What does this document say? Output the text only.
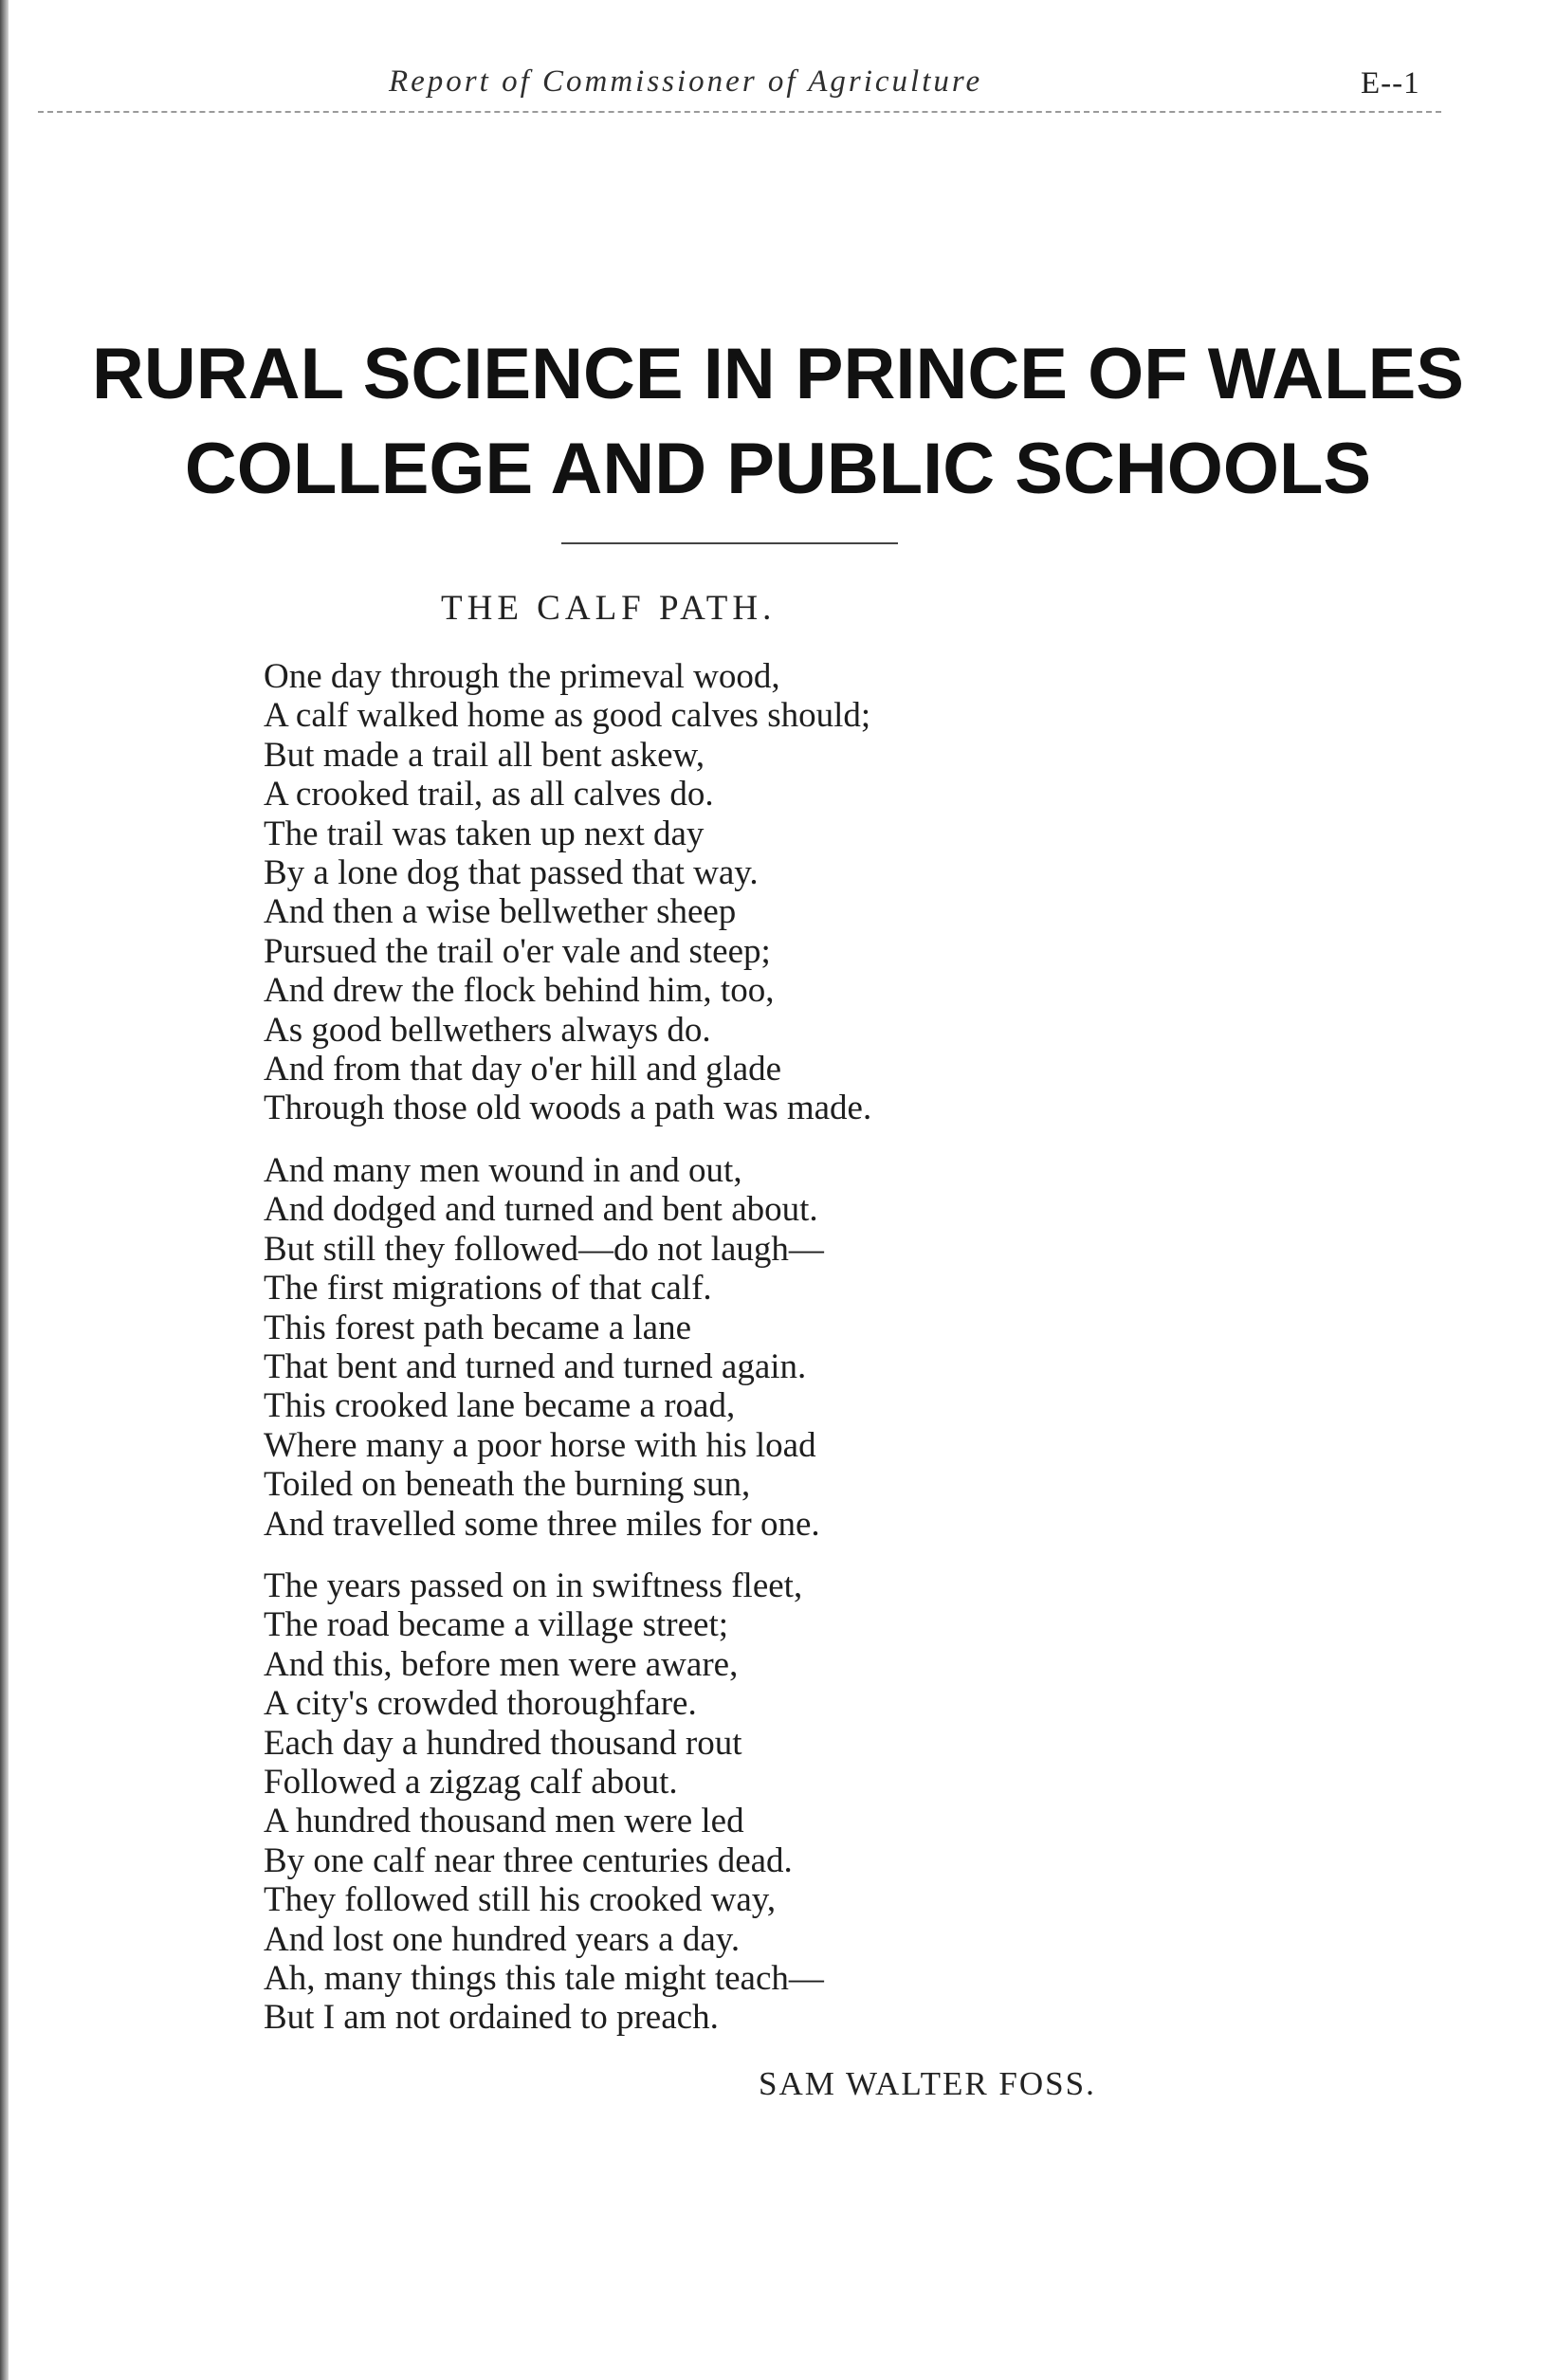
Report of Commissioner of Agriculture	E--1
RURAL SCIENCE IN PRINCE OF WALES
COLLEGE AND PUBLIC SCHOOLS
THE CALF PATH.
One day through the primeval wood,
A calf walked home as good calves should;
But made a trail all bent askew,
A crooked trail, as all calves do.
The trail was taken up next day
By a lone dog that passed that way.
And then a wise bellwether sheep
Pursued the trail o'er vale and steep;
And drew the flock behind him, too,
As good bellwethers always do.
And from that day o'er hill and glade
Through those old woods a path was made.
And many men wound in and out,
And dodged and turned and bent about.
But still they followed—do not laugh—
The first migrations of that calf.
This forest path became a lane
That bent and turned and turned again.
This crooked lane became a road,
Where many a poor horse with his load
Toiled on beneath the burning sun,
And travelled some three miles for one.
The years passed on in swiftness fleet,
The road became a village street;
And this, before men were aware,
A city's crowded thoroughfare.
Each day a hundred thousand rout
Followed a zigzag calf about.
A hundred thousand men were led
By one calf near three centuries dead.
They followed still his crooked way,
And lost one hundred years a day.
Ah, many things this tale might teach—
But I am not ordained to preach.
SAM WALTER FOSS.
